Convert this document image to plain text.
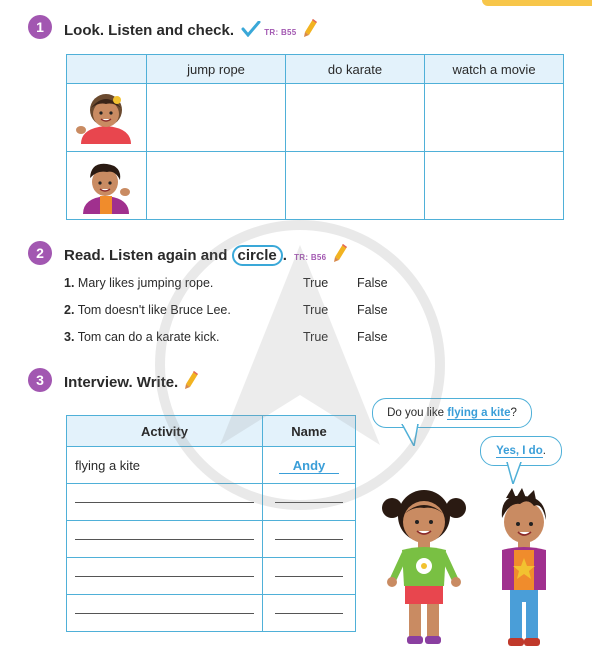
1	Look. Listen and check.	TR: B55
	jump rope	do karate	watch a movie

2	Read. Listen again and circle . TR: B56
1. Mary likes jumping rope.	True False
2. Tom doesn't like Bruce Lee.	True False
3. Tom can do a karate kick.	True False
3	Interview. Write.
Activity	Name
flying a kite	Andy

Do you like flying a kite?
Yes, I do.
